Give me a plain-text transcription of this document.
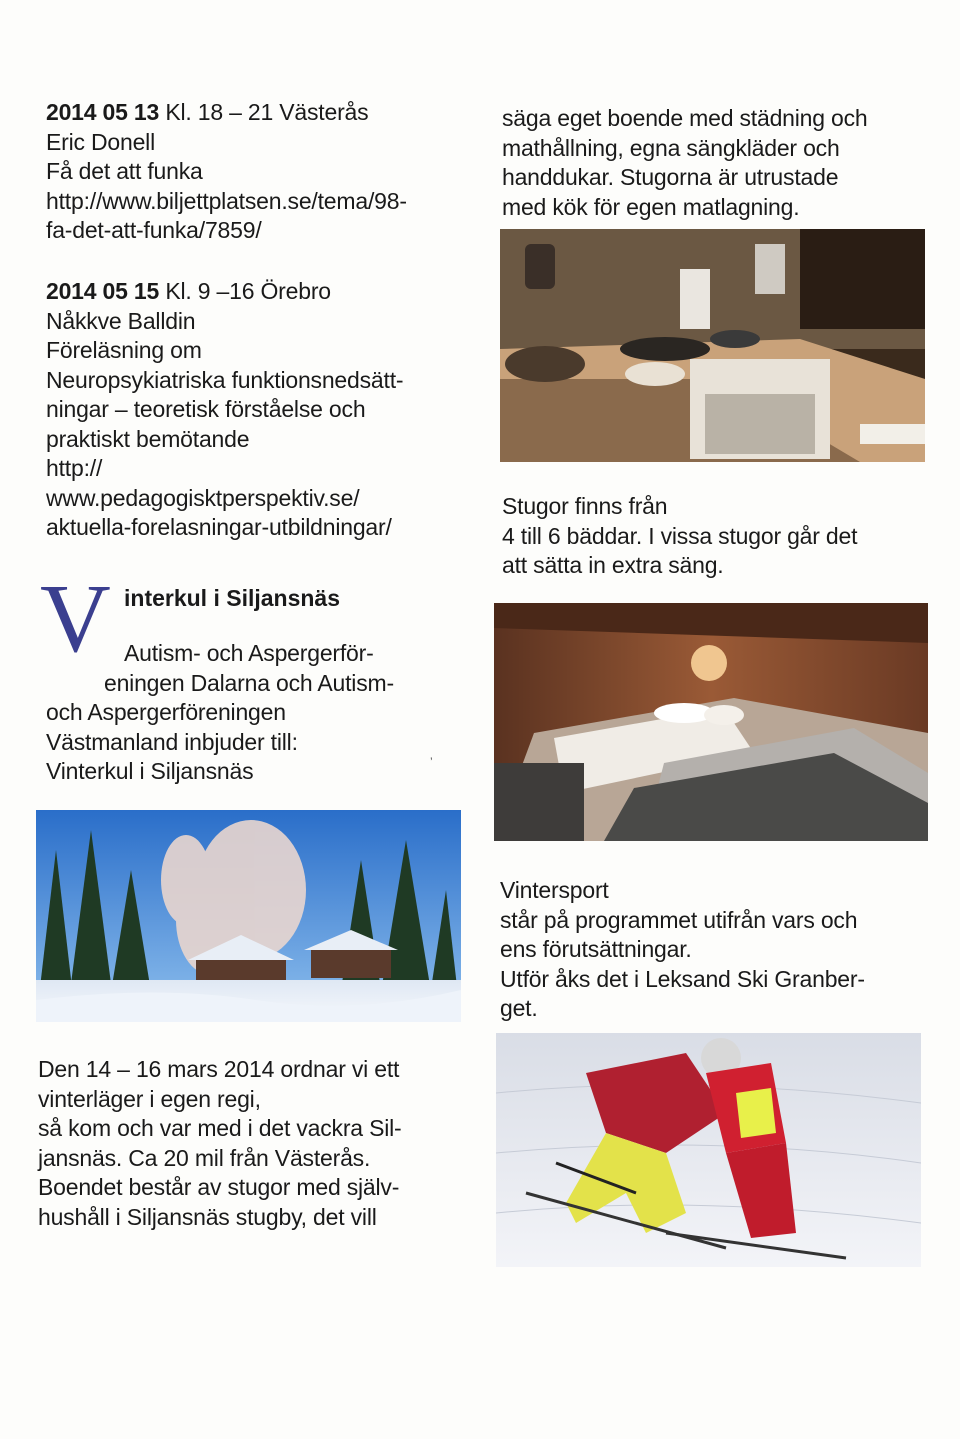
2014 05 13 Kl. 18 – 21 Västerås
Eric Donell
Få det att funka
http://www.biljettplatsen.se/tema/98-
fa-det-att-funka/7859/
2014 05 15 Kl. 9 –16 Örebro
Nåkkve Balldin
Föreläsning om
Neuropsykiatriska funktionsnedsätt-
ningar – teoretisk förståelse och
praktiskt bemötande
http://
www.pedagogisktperspektiv.se/
aktuella-forelasningar-utbildningar/
V interkul i Siljansnäs
Autism- och Aspergerför-
eningen Dalarna och Autism-
och Aspergerföreningen
Västmanland inbjuder till:
Vinterkul i Siljansnäs	’
Den 14 – 16 mars 2014 ordnar vi ett
vinterläger i egen regi,
så kom och var med i det vackra Sil-
jansnäs. Ca 20 mil från Västerås.
Boendet består av stugor med själv-
hushåll i Siljansnäs stugby, det vill
säga eget boende med städning och
mathållning, egna sängkläder och
handdukar. Stugorna är utrustade
med kök för egen matlagning.
Stugor finns från
4 till 6 bäddar. I vissa stugor går det
att sätta in extra säng.
Vintersport
står på programmet utifrån vars och
ens förutsättningar.
Utför åks det i Leksand Ski Granber-
get.
